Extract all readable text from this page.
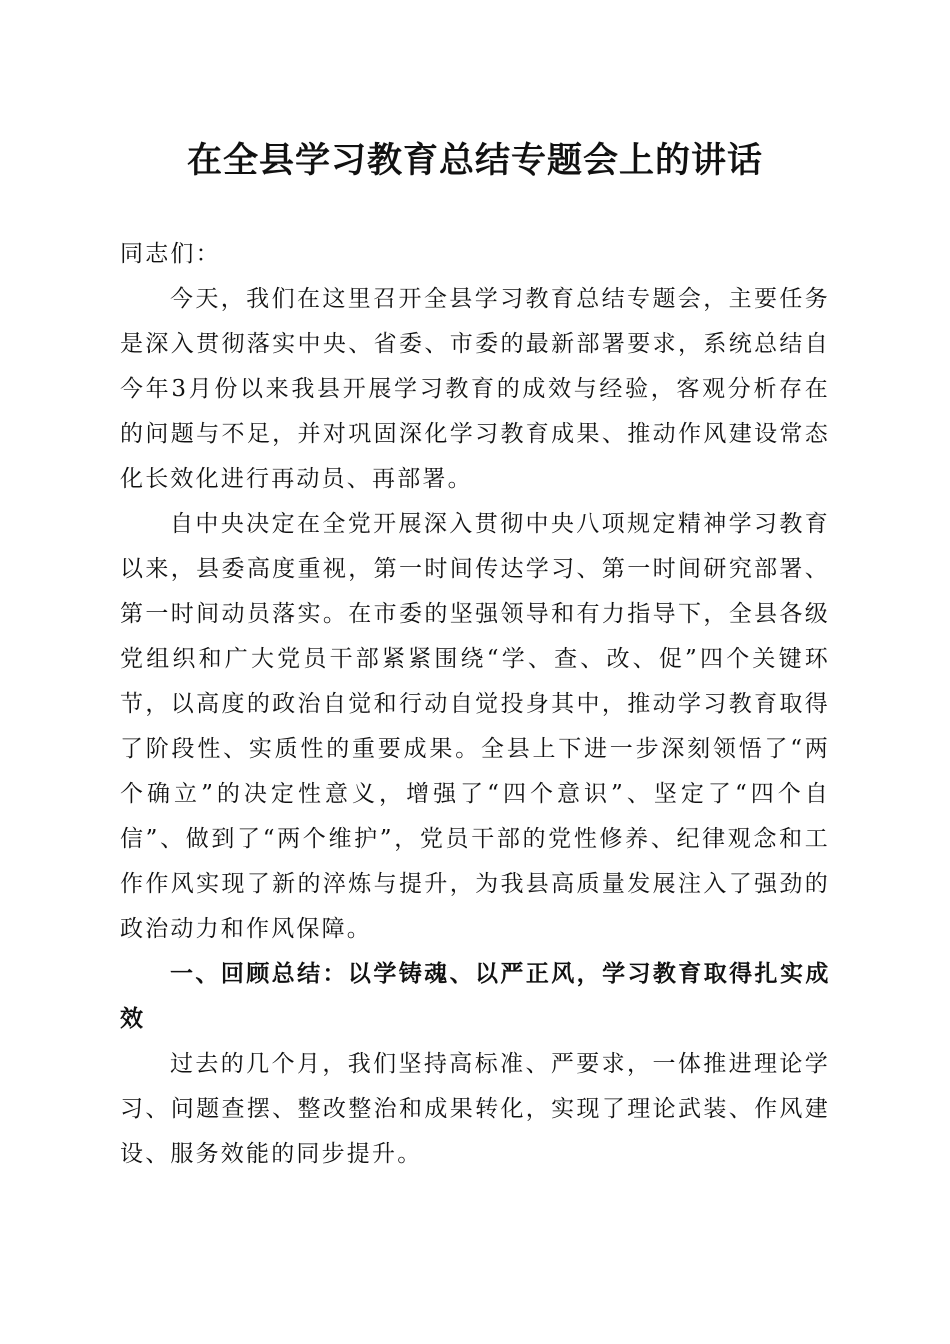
在全县学习教育总结专题会上的讲话

同志们：

今天，我们在这里召开全县学习教育总结专题会，主要任务是深入贯彻落实中央、省委、市委的最新部署要求，系统总结自今年3月份以来我县开展学习教育的成效与经验，客观分析存在的问题与不足，并对巩固深化学习教育成果、推动作风建设常态化长效化进行再动员、再部署。

自中央决定在全党开展深入贯彻中央八项规定精神学习教育以来，县委高度重视，第一时间传达学习、第一时间研究部署、第一时间动员落实。在市委的坚强领导和有力指导下，全县各级党组织和广大党员干部紧紧围绕“学、查、改、促”四个关键环节，以高度的政治自觉和行动自觉投身其中，推动学习教育取得了阶段性、实质性的重要成果。全县上下进一步深刻领悟了“两个确立”的决定性意义，增强了“四个意识”、坚定了“四个自信”、做到了“两个维护”，党员干部的党性修养、纪律观念和工作作风实现了新的淬炼与提升，为我县高质量发展注入了强劲的政治动力和作风保障。

一、回顾总结：以学铸魂、以严正风，学习教育取得扎实成效

过去的几个月，我们坚持高标准、严要求，一体推进理论学习、问题查摆、整改整治和成果转化，实现了理论武装、作风建设、服务效能的同步提升。
